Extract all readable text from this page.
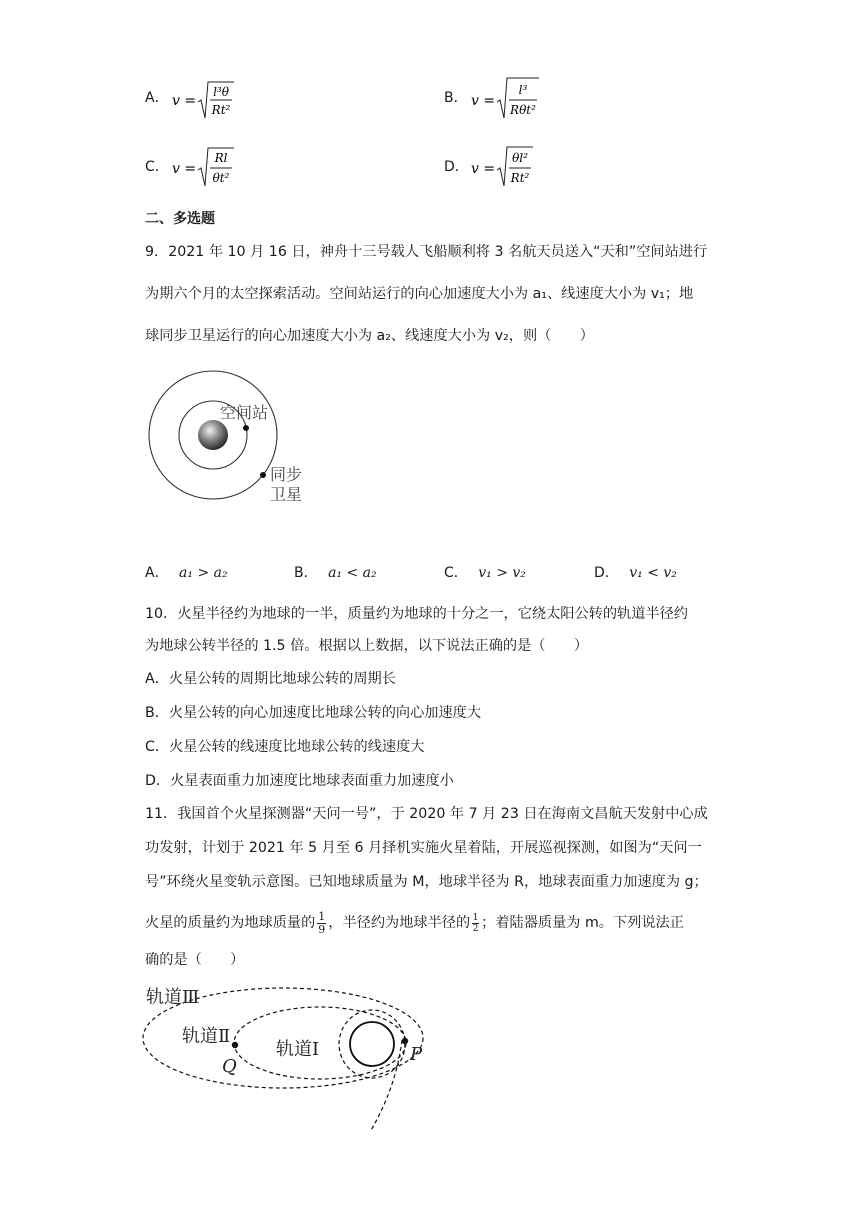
A． v =
l³θ
Rt²
B． v =
l³
Rθt²
C． v =
Rl
θt²
D． v =
θl²
Rt²
二、多选题
9．2021 年 10 月 16 日，神舟十三号载人飞船顺利将 3 名航天员送入“天和”空间站进行
为期六个月的太空探索活动。空间站运行的向心加速度大小为 a₁、线速度大小为 v₁；地
球同步卫星运行的向心加速度大小为 a₂、线速度大小为 v₂，则（　　）
空间站
同步
卫星
A． a₁ > a₂	B． a₁ < a₂	C． v₁ > v₂	D． v₁ < v₂
10．火星半径约为地球的一半，质量约为地球的十分之一，它绕太阳公转的轨道半径约
为地球公转半径的 1.5 倍。根据以上数据，以下说法正确的是（　　）
A．火星公转的周期比地球公转的周期长
B．火星公转的向心加速度比地球公转的向心加速度大
C．火星公转的线速度比地球公转的线速度大
D．火星表面重力加速度比地球表面重力加速度小
11．我国首个火星探测器“天问一号”，于 2020 年 7 月 23 日在海南文昌航天发射中心成
功发射，计划于 2021 年 5 月至 6 月择机实施火星着陆，开展巡视探测，如图为“天问一
号”环绕火星变轨示意图。已知地球质量为 M，地球半径为 R，地球表面重力加速度为 g；
火星的质量约为地球质量的 1
9 ，半径约为地球半径的 1
2 ；着陆器质量为 m。下列说法正
确的是（　　）
轨道Ⅲ
轨道Ⅱ
轨道Ⅰ
Q
P
